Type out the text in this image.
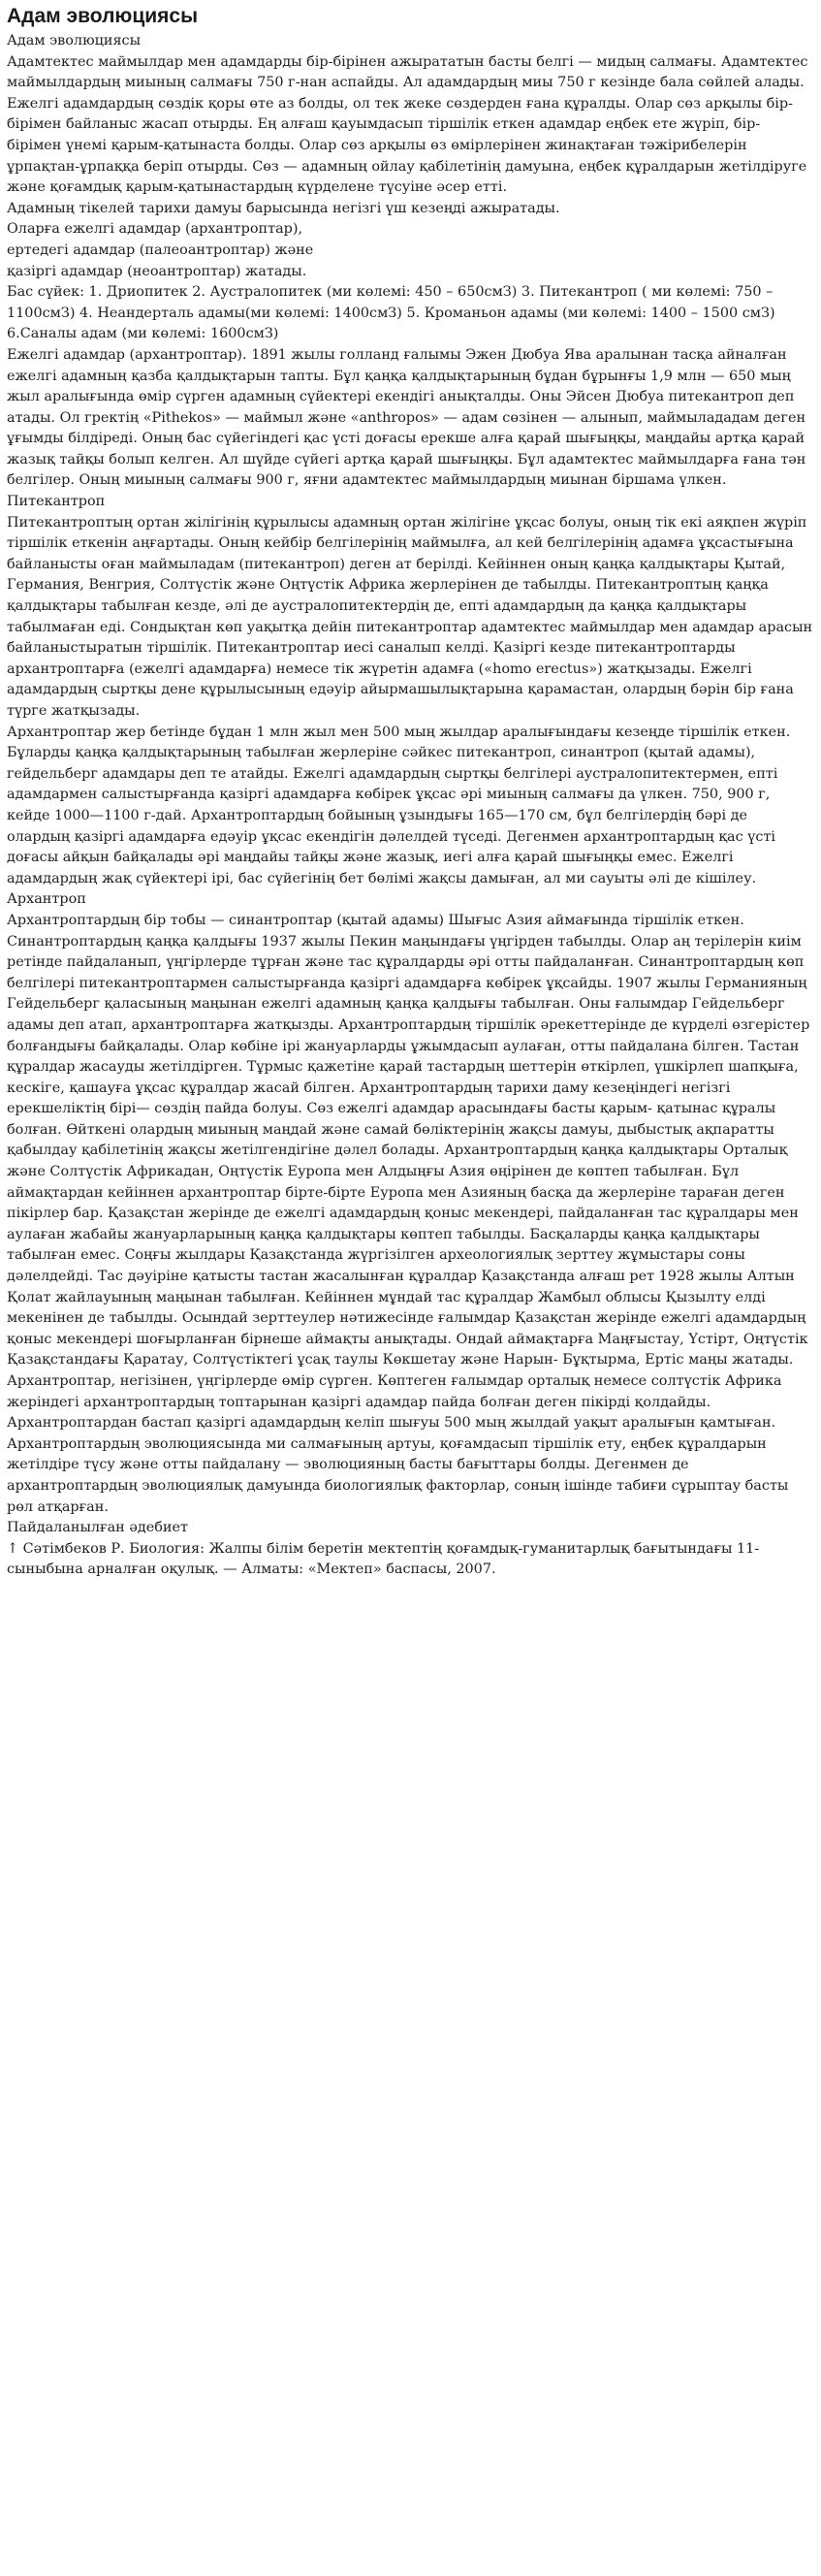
Адам эволюциясы

Адам эволюциясы

Адамтектес маймылдар мен адамдарды бір-бірінен ажырататын басты белгі — мидың салмағы. Адамтектес маймылдардың миының салмағы 750 г-нан аспайды. Ал адамдардың миы 750 г кезінде бала сөйлей алады. Ежелгі адамдардың сөздік қоры өте аз болды, ол тек жеке сөздерден ғана құралды. Олар сөз арқылы бір-бірімен байланыс жасап отырды. Ең алғаш қауымдасып тіршілік еткен адамдар еңбек ете жүріп, бір-бірімен үнемі қарым-қатынаста болды. Олар сөз арқылы өз өмірлерінен жинақтаған тәжірибелерін ұрпақтан-ұрпаққа беріп отырды. Сөз — адамның ойлау қабілетінің дамуына, еңбек құралдарын жетілдіруге және қоғамдық қарым-қатынастардың күрделене түсуіне әсер етті.

Адамның тікелей тарихи дамуы барысында негізгі үш кезеңді ажыратады.

Оларға ежелгі адамдар (архантроптар),

ертедегі адамдар (палеоантроптар) және

қазіргі адамдар (неоантроптар) жатады.

Бас сүйек: 1. Дриопитек 2. Аустралопитек (ми көлемі: 450 – 650смЗ) 3. Питекантроп ( ми көлемі: 750 – 1100смЗ) 4. Неандерталь адамы(ми көлемі: 1400смЗ) 5. Кроманьон адамы (ми көлемі: 1400 – 1500 смЗ) 6.Саналы адам (ми көлемі: 1600смЗ)

Ежелгі адамдар (архантроптар). 1891 жылы голланд ғалымы Эжен Дюбуа Ява аралынан тасқа айналған ежелгі адамның қазба қалдықтарын тапты. Бұл қаңқа қалдықтарының бұдан бұрынғы 1,9 млн — 650 мың жыл аралығында өмір сүрген адамның сүйектері екендігі анықталды. Оны Эйсен Дюбуа питекантроп деп атады. Ол гректің «Pithekos» — маймыл және «anthropos» — адам сөзінен — алынып, маймылададам деген ұғымды білдіреді. Оның бас сүйегіндегі қас үсті доғасы ерекше алға қарай шығыңқы, маңдайы артқа қарай жазық тайқы болып келген. Ал шүйде сүйегі артқа қарай шығыңқы. Бұл адамтектес маймылдарға ғана тән белгілер. Оның миының салмағы 900 г, яғни адамтектес маймылдардың миынан біршама үлкен.

Питекантроп

Питекантроптың ортан жілігінің құрылысы адамның ортан жілігіне ұқсас болуы, оның тік екі аяқпен жүріп тіршілік еткенін аңғартады. Оның кейбір белгілерінің маймылға, ал кей белгілерінің адамға ұқсастығына байланысты оған маймыладам (питекантроп) деген ат берілді. Кейіннен оның қаңқа қалдықтары Қытай, Германия, Венгрия, Солтүстік және Оңтүстік Африка жерлерінен де табылды. Питекантроптың қаңқа қалдықтары табылған кезде, әлі де аустралопитектердің де, епті адамдардың да қаңқа қалдықтары табылмаған еді. Сондықтан көп уақытқа дейін питекантроптар адамтектес маймылдар мен адамдар арасын байланыстыратын тіршілік. Питекантроптар иесі саналып келді. Қазіргі кезде питекантроптарды архантроптарға (ежелгі адамдарға) немесе тік жүретін адамға («homo erectus») жатқызады. Ежелгі адамдардың сыртқы дене құрылысының едәуір айырмашылықтарына қарамастан, олардың бәрін бір ғана түрге жатқызады.

Архантроптар жер бетінде бұдан 1 млн жыл мен 500 мың жылдар аралығындағы кезеңде тіршілік еткен. Бұларды қаңқа қалдықтарының табылған жерлеріне сәйкес питекантроп, синантроп (қытай адамы), гейдельберг адамдары деп те атайды. Ежелгі адамдардың сыртқы белгілері аустралопитектермен, епті адамдармен салыстырғанда қазіргі адамдарға көбірек ұқсас әрі миының салмағы да үлкен. 750, 900 г, кейде 1000—1100 г-дай. Архантроптардың бойының ұзындығы 165—170 см, бұл белгілердің бәрі де олардың қазіргі адамдарға едәуір ұқсас екендігін дәлелдей түседі. Дегенмен архантроптардың қас үсті доғасы айқын байқалады әрі маңдайы тайқы және жазық, иегі алға қарай шығыңқы емес. Ежелгі адамдардың жақ сүйектері ірі, бас сүйегінің бет бөлімі жақсы дамыған, ал ми сауыты әлі де кішілеу.

Архантроп

Архантроптардың бір тобы — синантроптар (қытай адамы) Шығыс Азия аймағында тіршілік еткен. Синантроптардың қаңқа қалдығы 1937 жылы Пекин маңындағы үңгірден табылды. Олар аң терілерін киім ретінде пайдаланып, үңгірлерде тұрған және тас құралдарды әрі отты пайдаланған. Синантроптардың көп белгілері питекантроптармен салыстырғанда қазіргі адамдарға көбірек ұқсайды. 1907 жылы Германияның Гейдельберг қаласының маңынан ежелгі адамның қаңқа қалдығы табылған. Оны ғалымдар Гейдельберг адамы деп атап, архантроптарға жатқызды. Архантроптардың тіршілік әрекеттерінде де күрделі өзгерістер болғандығы байқалады. Олар көбіне ірі жануарларды ұжымдасып аулаған, отты пайдалана білген. Тастан құралдар жасауды жетілдірген. Тұрмыс қажетіне қарай тастардың шеттерін өткірлеп, үшкірлеп шапқыға, кескіге, қашауға ұқсас құралдар жасай білген. Архантроптардың тарихи даму кезеңіндегі негізгі ерекшеліктің бірі— сөздің пайда болуы. Сөз ежелгі адамдар арасындағы басты қарым- қатынас құралы болған. Өйткені олардың миының маңдай және самай бөліктерінің жақсы дамуы, дыбыстық ақпаратты қабылдау қабілетінің жақсы жетілгендігіне дәлел болады. Архантроптардың қаңқа қалдықтары Орталық және Солтүстік Африкадан, Оңтүстік Еуропа мен Алдыңғы Азия өңірінен де көптеп табылған. Бұл аймақтардан кейіннен архантроптар бірте-бірте Еуропа мен Азияның басқа да жерлеріне тараған деген пікірлер бар. Қазақстан жерінде де ежелгі адамдардың қоныс мекендері, пайдаланған тас құралдары мен аулаған жабайы жануарларының қаңқа қалдықтары көптеп табылды. Басқаларды қаңқа қалдықтары табылған емес. Соңғы жылдары Қазақстанда жүргізілген археологиялық зерттеу жұмыстары соны дәлелдейді. Тас дәуіріне қатысты тастан жасалынған құралдар Қазақстанда алғаш рет 1928 жылы Алтын Қолат жайлауының маңынан табылған. Кейіннен мұндай тас құралдар Жамбыл облысы Қызылту елді мекенінен де табылды. Осындай зерттеулер нәтижесінде ғалымдар Қазақстан жерінде ежелгі адамдардың қоныс мекендері шоғырланған бірнеше аймақты анықтады. Ондай аймақтарға Маңғыстау, Үстірт, Оңтүстік Қазақстандағы Қаратау, Солтүстіктегі ұсақ таулы Көкшетау және Нарын- Бұқтырма, Ертіс маңы жатады. Архантроптар, негізінен, үңгірлерде өмір сүрген. Көптеген ғалымдар орталық немесе солтүстік Африка жеріндегі архантроптардың топтарынан қазіргі адамдар пайда болған деген пікірді қолдайды. Архантроптардан бастап қазіргі адамдардың келіп шығуы 500 мың жылдай уақыт аралығын қамтыған. Архантроптардың эволюциясында ми салмағының артуы, қоғамдасып тіршілік ету, еңбек құралдарын жетілдіре түсу және отты пайдалану — эволюцияның басты бағыттары болды. Дегенмен де архантроптардың эволюциялық дамуында биологиялық факторлар, соның ішінде табиғи сұрыптау басты рөл атқарған.

Пайдаланылған әдебиет

↑ Сәтімбеков Р. Биология: Жалпы білім беретін мектептің қоғамдық-гуманитарлық бағытындағы 11-сыныбына арналған оқулық. — Алматы: «Мектеп» баспасы, 2007.
